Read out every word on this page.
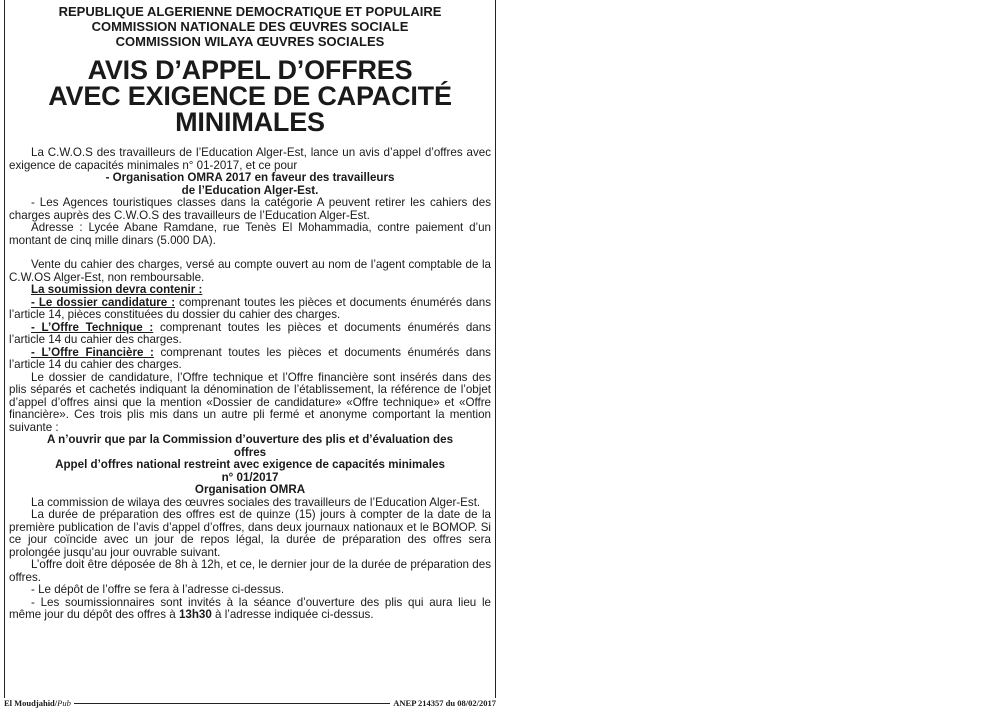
REPUBLIQUE ALGERIENNE DEMOCRATIQUE ET POPULAIRE
COMMISSION NATIONALE DES ŒUVRES SOCIALE
COMMISSION WILAYA ŒUVRES SOCIALES
AVIS D’APPEL D’OFFRES
AVEC EXIGENCE DE CAPACITÉ
MINIMALES

La C.W.O.S des travailleurs de l’Education Alger-Est, lance un avis d’appel d’offres avec exigence de capacités minimales n° 01-2017, et ce pour

- Organisation OMRA 2017 en faveur des travailleurs
de l’Education Alger-Est.

- Les Agences touristiques classes dans la catégorie A peuvent retirer les cahiers des charges auprès des C.W.O.S des travailleurs de l’Education Alger-Est.

Adresse : Lycée Abane Ramdane, rue Tenès El Mohammadia, contre paiement d’un montant de cinq mille dinars (5.000 DA).

Vente du cahier des charges, versé au compte ouvert au nom de l’agent comptable de la C.W.OS Alger-Est, non remboursable.

La soumission devra contenir :

- Le dossier candidature : comprenant toutes les pièces et documents énumérés dans l’article 14, pièces constituées du dossier du cahier des charges.

- L’Offre Technique : comprenant toutes les pièces et documents énumérés dans l’article 14 du cahier des charges.

- L’Offre Financière : comprenant toutes les pièces et documents énumérés dans l’article 14 du cahier des charges.

Le dossier de candidature, l’Offre technique et l’Offre financière sont insérés dans des plis séparés et cachetés indiquant la dénomination de l’établissement, la référence de l’objet d’appel d’offres ainsi que la mention «Dossier de candidature» «Offre technique» et «Offre financière». Ces trois plis mis dans un autre pli fermé et anonyme comportant la mention suivante :

A n’ouvrir que par la Commission d’ouverture des plis et d’évaluation des
offres
Appel d’offres national restreint avec exigence de capacités minimales
n° 01/2017
Organisation OMRA

La commission de wilaya des œuvres sociales des travailleurs de l’Education Alger-Est.

La durée de préparation des offres est de quinze (15) jours à compter de la date de la première publication de l’avis d’appel d’offres, dans deux journaux nationaux et le BOMOP. Si ce jour coïncide avec un jour de repos légal, la durée de préparation des offres sera prolongée jusqu’au jour ouvrable suivant.

L’offre doit être déposée de 8h à 12h, et ce, le dernier jour de la durée de préparation des offres.

- Le dépôt de l’offre se fera à l’adresse ci-dessus.

- Les soumissionnaires sont invités à la séance d’ouverture des plis qui aura lieu le même jour du dépôt des offres à 13h30 à l’adresse indiquée ci-dessus.

El Moudjahid/Pub	ANEP 214357 du 08/02/2017
